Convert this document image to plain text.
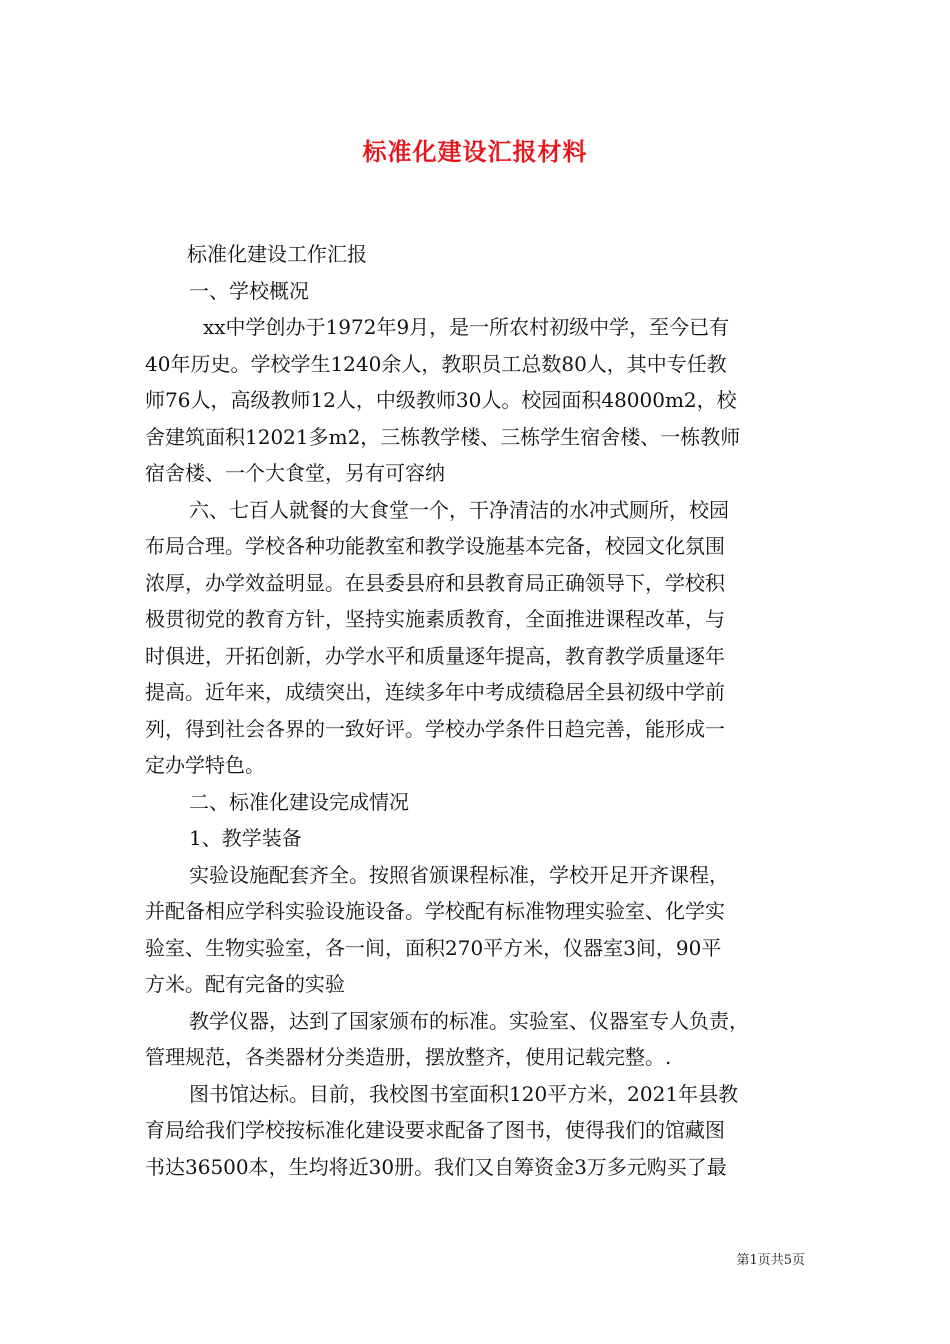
标准化建设汇报材料
标准化建设工作汇报
一、学校概况
xx中学创办于1972年9月，是一所农村初级中学，至今已有
40年历史。学校学生1240余人，教职员工总数80人，其中专任教
师76人，高级教师12人，中级教师30人。校园面积48000m2，校
舍建筑面积12021多m2，三栋教学楼、三栋学生宿舍楼、一栋教师
宿舍楼、一个大食堂，另有可容纳
六、七百人就餐的大食堂一个，干净清洁的水冲式厕所，校园
布局合理。学校各种功能教室和教学设施基本完备，校园文化氛围
浓厚，办学效益明显。在县委县府和县教育局正确领导下，学校积
极贯彻党的教育方针，坚持实施素质教育，全面推进课程改革，与
时俱进，开拓创新，办学水平和质量逐年提高，教育教学质量逐年
提高。近年来，成绩突出，连续多年中考成绩稳居全县初级中学前
列，得到社会各界的一致好评。学校办学条件日趋完善，能形成一
定办学特色。
二、标准化建设完成情况
1、教学装备
实验设施配套齐全。按照省颁课程标准，学校开足开齐课程，
并配备相应学科实验设施设备。学校配有标准物理实验室、化学实
验室、生物实验室，各一间，面积270平方米，仪器室3间，90平
方米。配有完备的实验
教学仪器，达到了国家颁布的标准。实验室、仪器室专人负责，
管理规范，各类器材分类造册，摆放整齐，使用记载完整。.
图书馆达标。目前，我校图书室面积120平方米，2021年县教
育局给我们学校按标准化建设要求配备了图书，使得我们的馆藏图
书达36500本，生均将近30册。我们又自筹资金3万多元购买了最
第1页共5页
